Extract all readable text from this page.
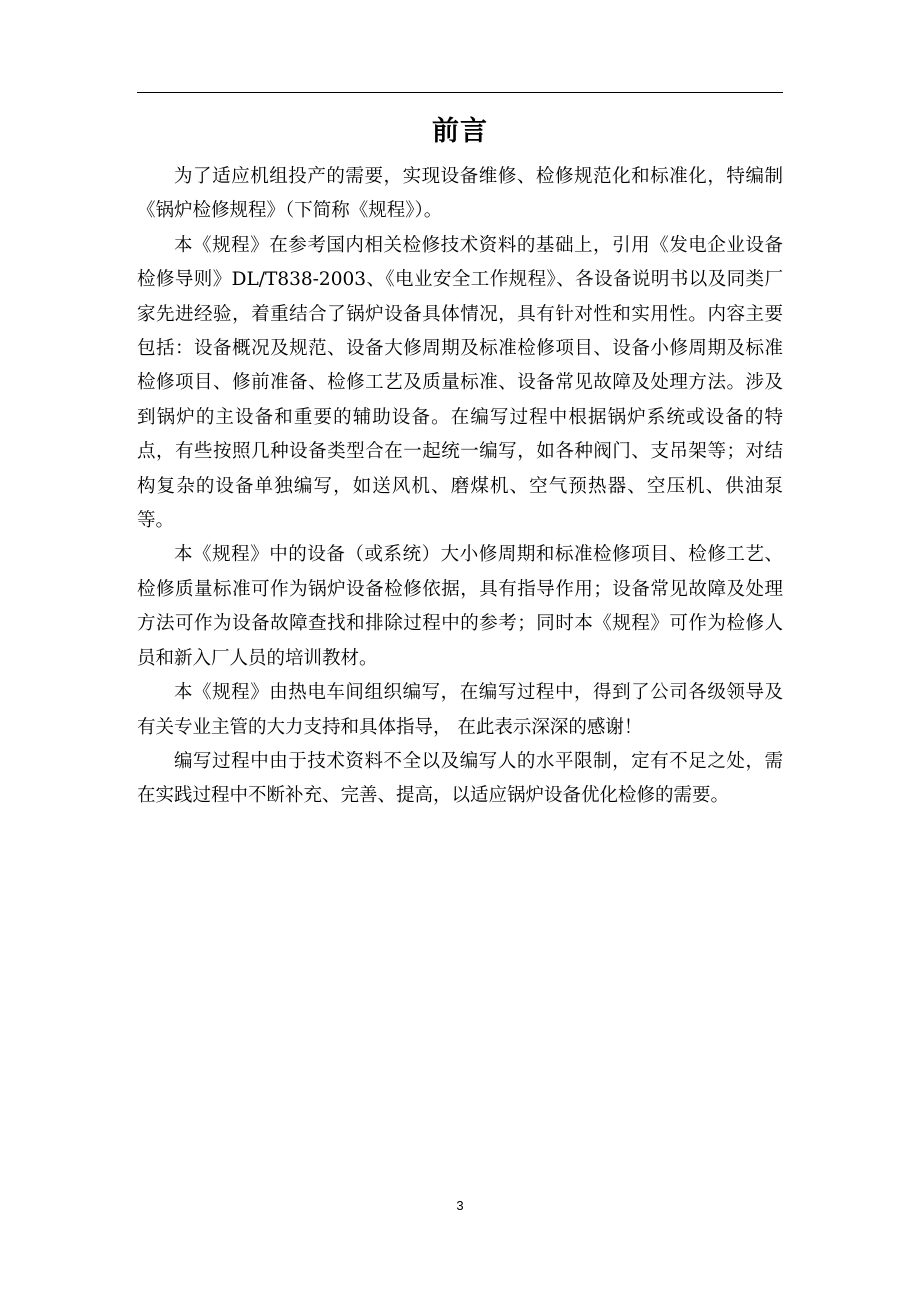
前言

为了适应机组投产的需要，实现设备维修、检修规范化和标准化，特编制《锅炉检修规程》（下简称《规程》）。

本《规程》在参考国内相关检修技术资料的基础上，引用《发电企业设备检修导则》DL/T838-2003、《电业安全工作规程》、各设备说明书以及同类厂家先进经验，着重结合了锅炉设备具体情况，具有针对性和实用性。内容主要包括：设备概况及规范、设备大修周期及标准检修项目、设备小修周期及标准检修项目、修前准备、检修工艺及质量标准、设备常见故障及处理方法。涉及到锅炉的主设备和重要的辅助设备。在编写过程中根据锅炉系统或设备的特点，有些按照几种设备类型合在一起统一编写，如各种阀门、支吊架等；对结构复杂的设备单独编写，如送风机、磨煤机、空气预热器、空压机、供油泵等。

本《规程》中的设备（或系统）大小修周期和标准检修项目、检修工艺、检修质量标准可作为锅炉设备检修依据，具有指导作用；设备常见故障及处理方法可作为设备故障查找和排除过程中的参考；同时本《规程》可作为检修人员和新入厂人员的培训教材。

本《规程》由热电车间组织编写，在编写过程中，得到了公司各级领导及有关专业主管的大力支持和具体指导， 在此表示深深的感谢！

编写过程中由于技术资料不全以及编写人的水平限制，定有不足之处，需在实践过程中不断补充、完善、提高，以适应锅炉设备优化检修的需要。

3
